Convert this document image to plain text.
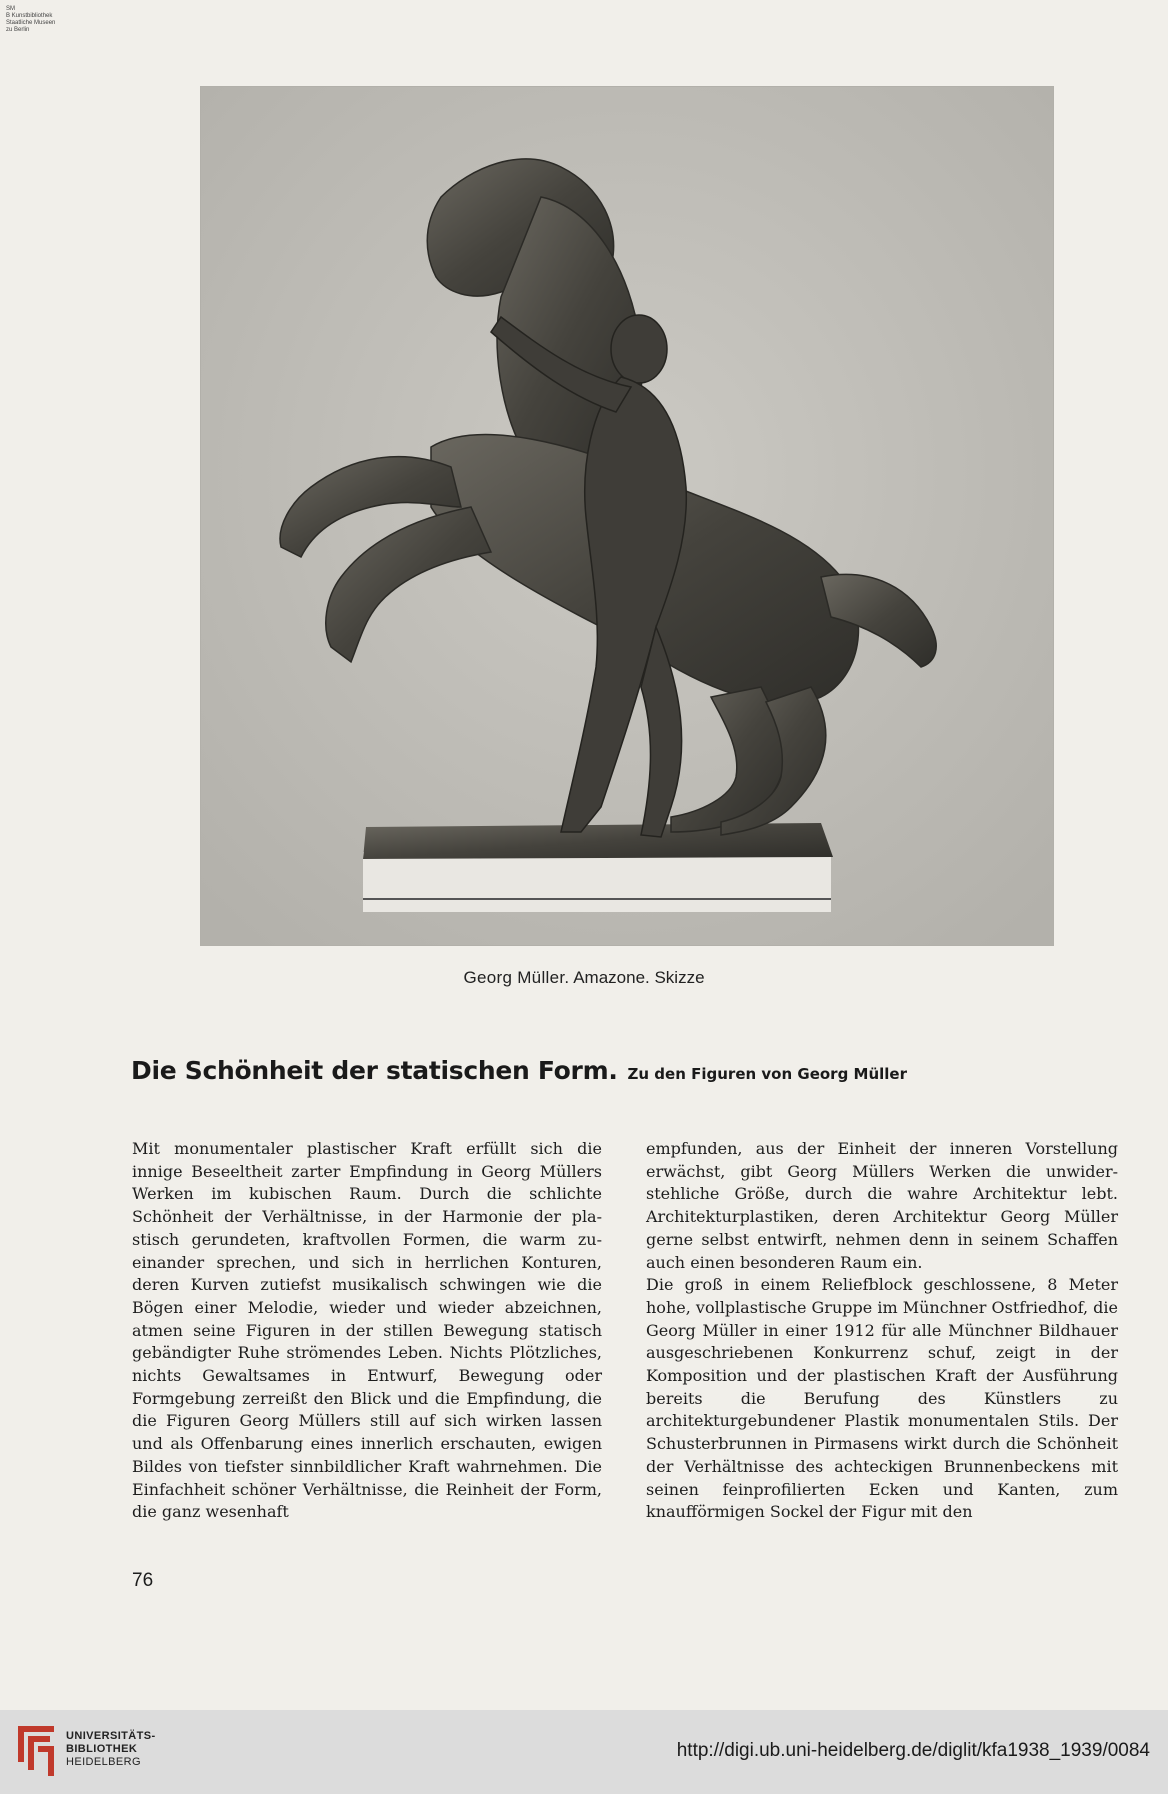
SM
B Kunstbibliothek
Staatliche Museen
zu Berlin
Georg Müller. Amazone. Skizze
Die Schönheit der statischen Form. Zu den Figuren von Georg Müller

Mit monumentaler plastischer Kraft erfüllt sich die innige Beseeltheit zarter Empfindung in Georg Müllers Werken im kubischen Raum. Durch die schlichte Schönheit der Verhältnisse, in der Harmonie der plastisch gerundeten, kraftvollen Formen, die warm zueinander sprechen, und sich in herrlichen Konturen, deren Kurven zutiefst musikalisch schwingen wie die Bögen einer Melodie, wieder und wieder abzeichnen, atmen seine Figuren in der stillen Bewegung statisch gebändigter Ruhe strömendes Leben. Nichts Plötzliches, nichts Gewaltsames in Entwurf, Bewegung oder Formgebung zerreißt den Blick und die Empfindung, die die Figuren Georg Müllers still auf sich wirken lassen und als Offenbarung eines innerlich erschauten, ewigen Bildes von tiefster sinnbildlicher Kraft wahrnehmen. Die Einfachheit schöner Verhältnisse, die Reinheit der Form, die ganz wesenhaft

empfunden, aus der Einheit der inneren Vorstellung erwächst, gibt Georg Müllers Werken die unwiderstehliche Größe, durch die wahre Architektur lebt. Architekturplastiken, deren Architektur Georg Müller gerne selbst entwirft, nehmen denn in seinem Schaffen auch einen besonderen Raum ein.

Die groß in einem Reliefblock geschlossene, 8 Meter hohe, vollplastische Gruppe im Münchner Ostfriedhof, die Georg Müller in einer 1912 für alle Münchner Bildhauer ausgeschriebenen Konkurrenz schuf, zeigt in der Komposition und der plastischen Kraft der Ausführung bereits die Berufung des Künstlers zu architekturgebundener Plastik monumentalen Stils. Der Schusterbrunnen in Pirmasens wirkt durch die Schönheit der Verhältnisse des achteckigen Brunnenbeckens mit seinen feinprofilierten Ecken und Kanten, zum knaufförmigen Sockel der Figur mit den

76
UNIVERSITÄTS-
BIBLIOTHEK
HEIDELBERG
http://digi.ub.uni-heidelberg.de/diglit/kfa1938_1939/0084
